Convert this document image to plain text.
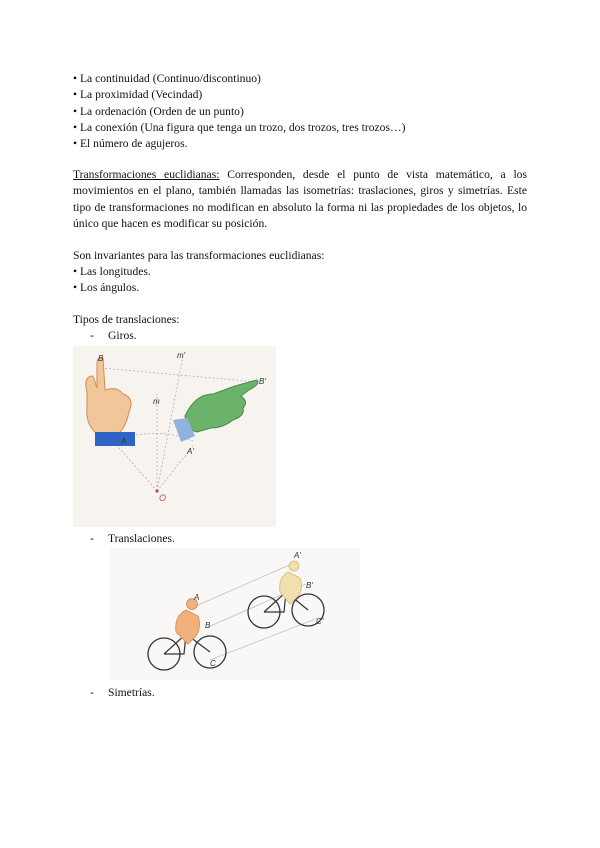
• La continuidad (Continuo/discontinuo)
• La proximidad (Vecindad)
• La ordenación (Orden de un punto)
• La conexión (Una figura que tenga un trozo, dos trozos, tres trozos…)
• El número de agujeros.
Transformaciones euclidianas: Corresponden, desde el punto de vista matemático, a los movimientos en el plano, también llamadas las isometrías: traslaciones, giros y simetrías. Este tipo de transformaciones no modifican en absoluto la forma ni las propiedades de los objetos, lo único que hacen es modificar su posición.
Son invariantes para las transformaciones euclidianas:
• Las longitudes.
• Los ángulos.
Tipos de translaciones:
- Giros.
- Translaciones.
- Simetrías.
B	m'
B'
m
A
A'
O
A
B
C
A'
B'
C'
